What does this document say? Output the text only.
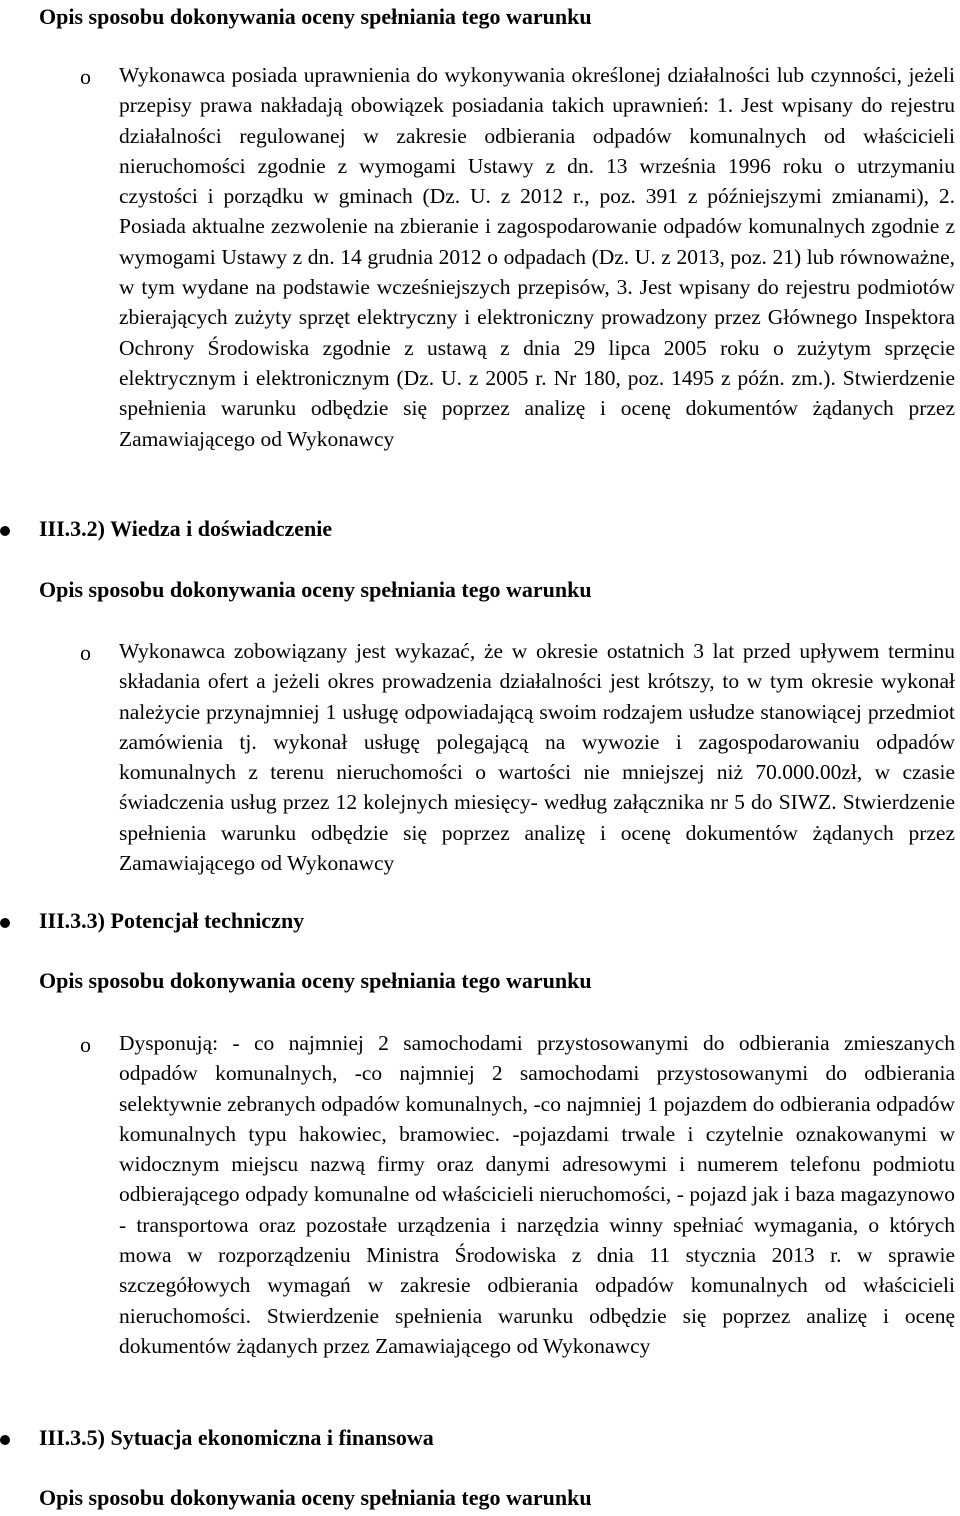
Opis sposobu dokonywania oceny spełniania tego warunku
o Wykonawca posiada uprawnienia do wykonywania określonej działalności lub czynności, jeżeli przepisy prawa nakładają obowiązek posiadania takich uprawnień: 1. Jest wpisany do rejestru działalności regulowanej w zakresie odbierania odpadów komunalnych od właścicieli nieruchomości zgodnie z wymogami Ustawy z dn. 13 września 1996 roku o utrzymaniu czystości i porządku w gminach (Dz. U. z 2012 r., poz. 391 z późniejszymi zmianami), 2. Posiada aktualne zezwolenie na zbieranie i zagospodarowanie odpadów komunalnych zgodnie z wymogami Ustawy z dn. 14 grudnia 2012 o odpadach (Dz. U. z 2013, poz. 21) lub równoważne, w tym wydane na podstawie wcześniejszych przepisów, 3. Jest wpisany do rejestru podmiotów zbierających zużyty sprzęt elektryczny i elektroniczny prowadzony przez Głównego Inspektora Ochrony Środowiska zgodnie z ustawą z dnia 29 lipca 2005 roku o zużytym sprzęcie elektrycznym i elektronicznym (Dz. U. z 2005 r. Nr 180, poz. 1495 z późn. zm.). Stwierdzenie spełnienia warunku odbędzie się poprzez analizę i ocenę dokumentów żądanych przez Zamawiającego od Wykonawcy
III.3.2) Wiedza i doświadczenie
Opis sposobu dokonywania oceny spełniania tego warunku
o Wykonawca zobowiązany jest wykazać, że w okresie ostatnich 3 lat przed upływem terminu składania ofert a jeżeli okres prowadzenia działalności jest krótszy, to w tym okresie wykonał należycie przynajmniej 1 usługę odpowiadającą swoim rodzajem usłudze stanowiącej przedmiot zamówienia tj. wykonał usługę polegającą na wywozie i zagospodarowaniu odpadów komunalnych z terenu nieruchomości o wartości nie mniejszej niż 70.000.00zł, w czasie świadczenia usług przez 12 kolejnych miesięcy- według załącznika nr 5 do SIWZ. Stwierdzenie spełnienia warunku odbędzie się poprzez analizę i ocenę dokumentów żądanych przez Zamawiającego od Wykonawcy
III.3.3) Potencjał techniczny
Opis sposobu dokonywania oceny spełniania tego warunku
o Dysponują: - co najmniej 2 samochodami przystosowanymi do odbierania zmieszanych odpadów komunalnych, -co najmniej 2 samochodami przystosowanymi do odbierania selektywnie zebranych odpadów komunalnych, -co najmniej 1 pojazdem do odbierania odpadów komunalnych typu hakowiec, bramowiec. -pojazdami trwale i czytelnie oznakowanymi w widocznym miejscu nazwą firmy oraz danymi adresowymi i numerem telefonu podmiotu odbierającego odpady komunalne od właścicieli nieruchomości, - pojazd jak i baza magazynowo - transportowa oraz pozostałe urządzenia i narzędzia winny spełniać wymagania, o których mowa w rozporządzeniu Ministra Środowiska z dnia 11 stycznia 2013 r. w sprawie szczegółowych wymagań w zakresie odbierania odpadów komunalnych od właścicieli nieruchomości. Stwierdzenie spełnienia warunku odbędzie się poprzez analizę i ocenę dokumentów żądanych przez Zamawiającego od Wykonawcy
III.3.5) Sytuacja ekonomiczna i finansowa
Opis sposobu dokonywania oceny spełniania tego warunku
